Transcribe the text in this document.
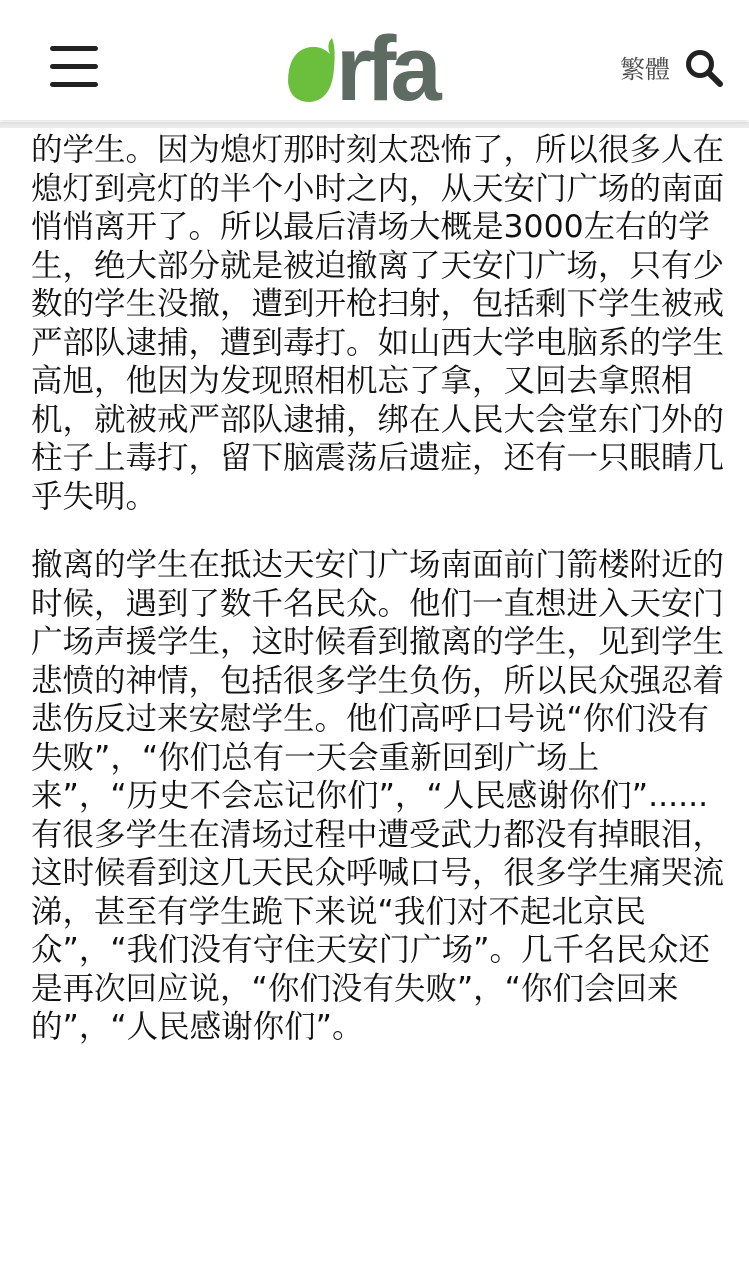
rfa	繁體

的学生。因为熄灯那时刻太恐怖了，所以很多人在熄灯到亮灯的半个小时之内，从天安门广场的南面悄悄离开了。所以最后清场大概是3000左右的学生，绝大部分就是被迫撤离了天安门广场，只有少数的学生没撤，遭到开枪扫射，包括剩下学生被戒严部队逮捕，遭到毒打。如山西大学电脑系的学生高旭，他因为发现照相机忘了拿，又回去拿照相机，就被戒严部队逮捕，绑在人民大会堂东门外的柱子上毒打，留下脑震荡后遗症，还有一只眼睛几乎失明。

撤离的学生在抵达天安门广场南面前门箭楼附近的时候，遇到了数千名民众。他们一直想进入天安门广场声援学生，这时候看到撤离的学生，见到学生悲愤的神情，包括很多学生负伤，所以民众强忍着悲伤反过来安慰学生。他们高呼口号说“你们没有失败”，“你们总有一天会重新回到广场上来”，“历史不会忘记你们”，“人民感谢你们”......有很多学生在清场过程中遭受武力都没有掉眼泪，这时候看到这几天民众呼喊口号，很多学生痛哭流涕，甚至有学生跪下来说“我们对不起北京民众”，“我们没有守住天安门广场”。几千名民众还是再次回应说，“你们没有失败”，“你们会回来的”，“人民感谢你们”。
